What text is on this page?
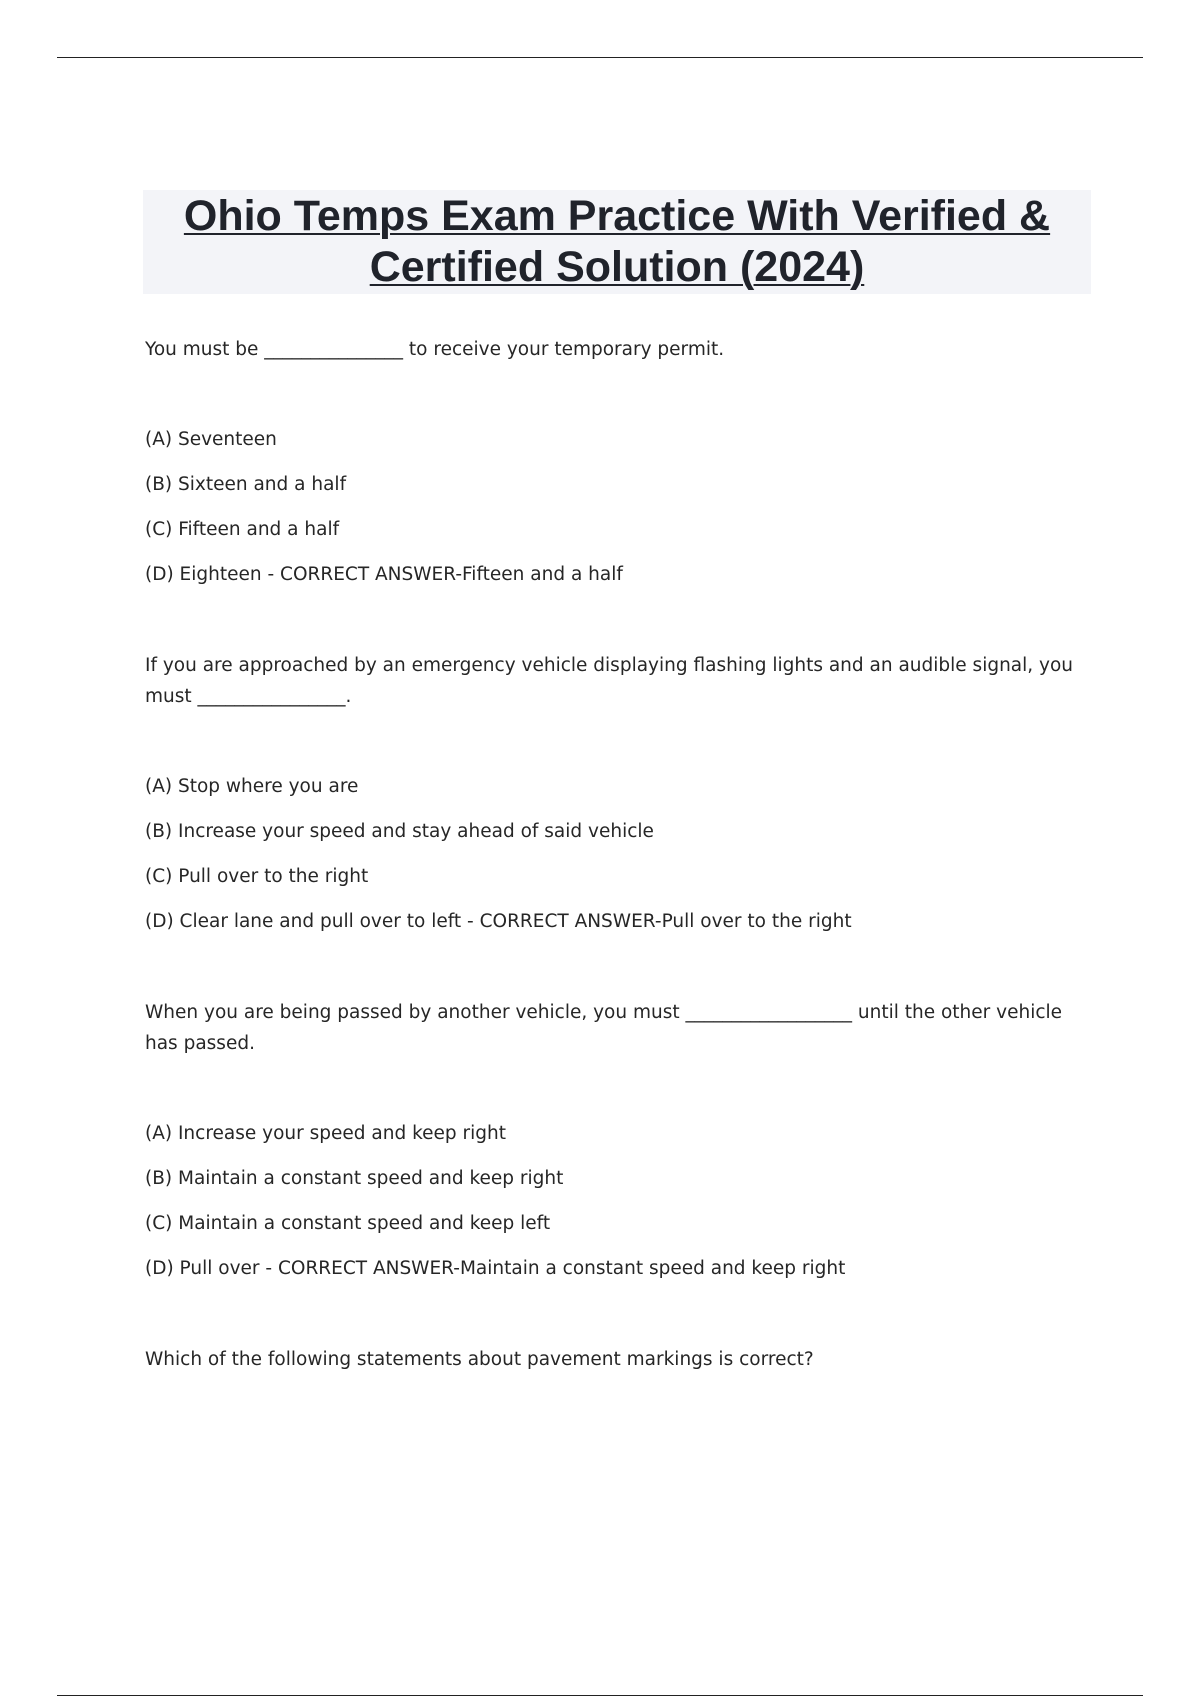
Ohio Temps Exam Practice With Verified & Certified Solution (2024)

You must be _______________ to receive your temporary permit.

(A) Seventeen

(B) Sixteen and a half

(C) Fifteen and a half

(D) Eighteen - CORRECT ANSWER-Fifteen and a half

If you are approached by an emergency vehicle displaying flashing lights and an audible signal, you must ________________.

(A) Stop where you are

(B) Increase your speed and stay ahead of said vehicle

(C) Pull over to the right

(D) Clear lane and pull over to left - CORRECT ANSWER-Pull over to the right

When you are being passed by another vehicle, you must __________________ until the other vehicle has passed.

(A) Increase your speed and keep right

(B) Maintain a constant speed and keep right

(C) Maintain a constant speed and keep left

(D) Pull over - CORRECT ANSWER-Maintain a constant speed and keep right

Which of the following statements about pavement markings is correct?
